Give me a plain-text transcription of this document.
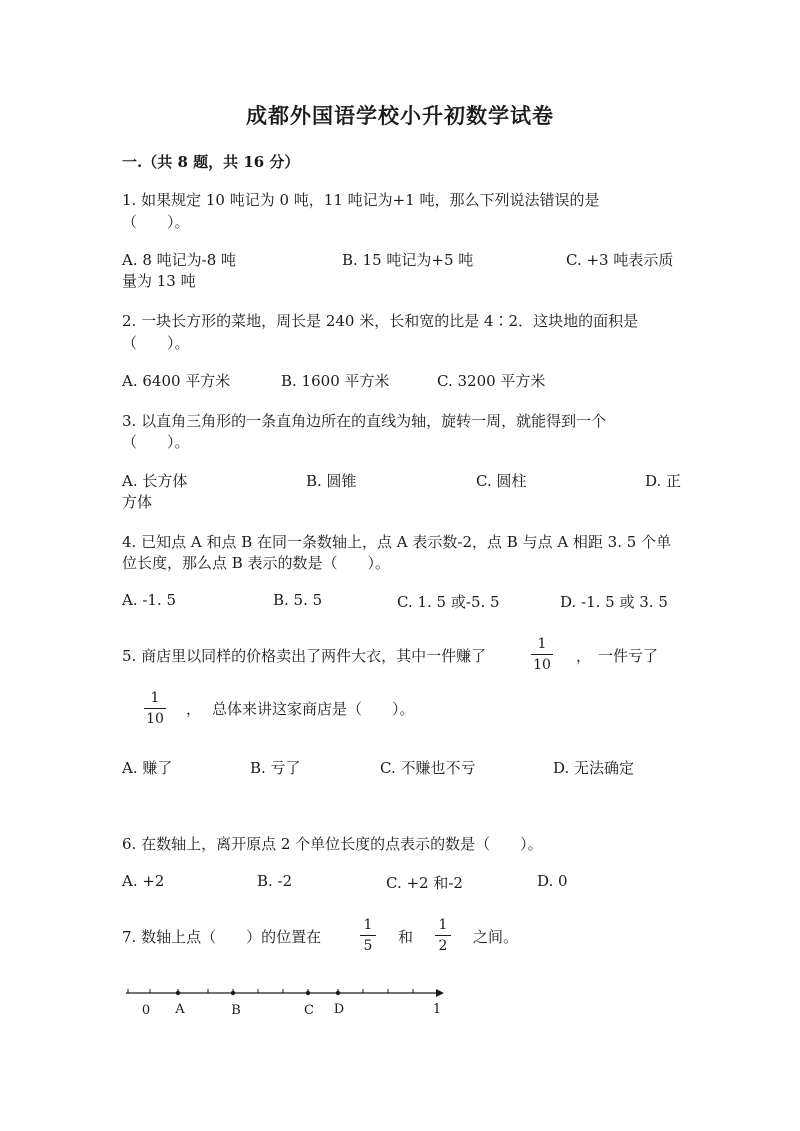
成都外国语学校小升初数学试卷
一.（共 8 题，共 16 分）
1. 如果规定 10 吨记为 0 吨，11 吨记为+1 吨，那么下列说法错误的是
（　　）。
A. 8 吨记为-8 吨	B. 15 吨记为+5 吨	C. +3 吨表示质
量为 13 吨
2. 一块长方形的菜地，周长是 240 米，长和宽的比是 4∶2．这块地的面积是
（　　）。
A. 6400 平方米	B. 1600 平方米	C. 3200 平方米
3. 以直角三角形的一条直角边所在的直线为轴，旋转一周，就能得到一个
（　　）。
A. 长方体	B. 圆锥	C. 圆柱	D. 正
方体
4. 已知点 A 和点 B 在同一条数轴上，点 A 表示数-2，点 B 与点 A 相距 3. 5 个单
位长度，那么点 B 表示的数是（　　）。
A. -1. 5	B. 5. 5	C. 1. 5 或-5. 5	D. -1. 5 或 3. 5
5. 商店里以同样的价格卖出了两件大衣，其中一件赚了
1
10 ， 一件亏了
1
10
， 总体来讲这家商店是（　　）。
A. 赚了	B. 亏了	C. 不赚也不亏	D. 无法确定
6. 在数轴上，离开原点 2 个单位长度的点表示的数是（　　）。
A. +2	B. -2	C. +2 和-2	D. 0
7. 数轴上点（　　）的位置在
1
5 和
1
2 之间。
0 A	B	C D	1
